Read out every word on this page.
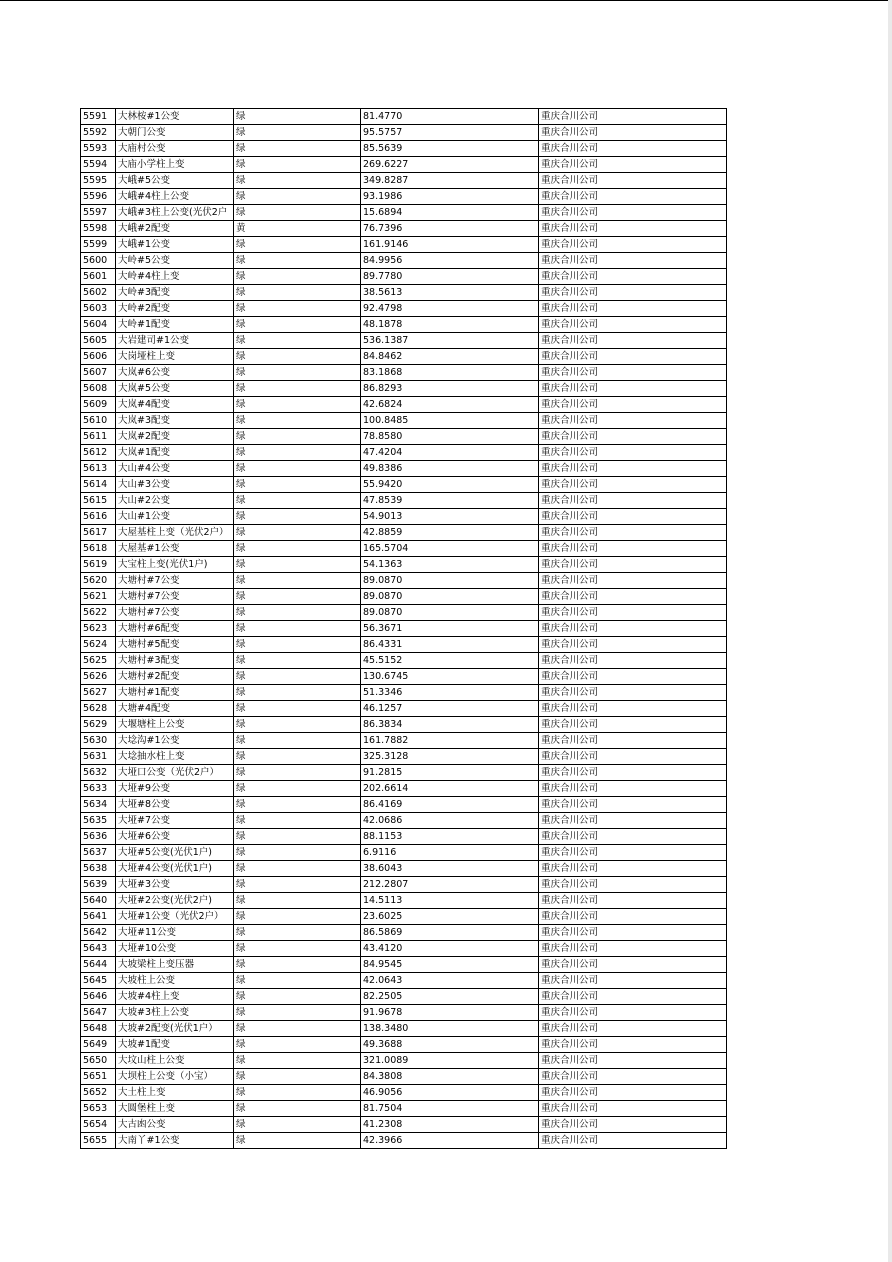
5591	大林桉#1公变	绿	81.4770	重庆合川公司
5592	大朝门公变	绿	95.5757	重庆合川公司
5593	大庙村公变	绿	85.5639	重庆合川公司
5594	大庙小学柱上变	绿	269.6227	重庆合川公司
5595	大峨#5公变	绿	349.8287	重庆合川公司
5596	大峨#4柱上公变	绿	93.1986	重庆合川公司
5597	大峨#3柱上公变(光伏2户	绿	15.6894	重庆合川公司
5598	大峨#2配变	黄	76.7396	重庆合川公司
5599	大峨#1公变	绿	161.9146	重庆合川公司
5600	大岭#5公变	绿	84.9956	重庆合川公司
5601	大岭#4柱上变	绿	89.7780	重庆合川公司
5602	大岭#3配变	绿	38.5613	重庆合川公司
5603	大岭#2配变	绿	92.4798	重庆合川公司
5604	大岭#1配变	绿	48.1878	重庆合川公司
5605	大岩建司#1公变	绿	536.1387	重庆合川公司
5606	大岗垭柱上变	绿	84.8462	重庆合川公司
5607	大岚#6公变	绿	83.1868	重庆合川公司
5608	大岚#5公变	绿	86.8293	重庆合川公司
5609	大岚#4配变	绿	42.6824	重庆合川公司
5610	大岚#3配变	绿	100.8485	重庆合川公司
5611	大岚#2配变	绿	78.8580	重庆合川公司
5612	大岚#1配变	绿	47.4204	重庆合川公司
5613	大山#4公变	绿	49.8386	重庆合川公司
5614	大山#3公变	绿	55.9420	重庆合川公司
5615	大山#2公变	绿	47.8539	重庆合川公司
5616	大山#1公变	绿	54.9013	重庆合川公司
5617	大屋基柱上变（光伏2户）	绿	42.8859	重庆合川公司
5618	大屋基#1公变	绿	165.5704	重庆合川公司
5619	大宝柱上变(光伏1户)	绿	54.1363	重庆合川公司
5620	大塘村#7公变	绿	89.0870	重庆合川公司
5621	大塘村#7公变	绿	89.0870	重庆合川公司
5622	大塘村#7公变	绿	89.0870	重庆合川公司
5623	大塘村#6配变	绿	56.3671	重庆合川公司
5624	大塘村#5配变	绿	86.4331	重庆合川公司
5625	大塘村#3配变	绿	45.5152	重庆合川公司
5626	大塘村#2配变	绿	130.6745	重庆合川公司
5627	大塘村#1配变	绿	51.3346	重庆合川公司
5628	大塘#4配变	绿	46.1257	重庆合川公司
5629	大堰塘柱上公变	绿	86.3834	重庆合川公司
5630	大埝沟#1公变	绿	161.7882	重庆合川公司
5631	大埝抽水柱上变	绿	325.3128	重庆合川公司
5632	大垭口公变（光伏2户）	绿	91.2815	重庆合川公司
5633	大垭#9公变	绿	202.6614	重庆合川公司
5634	大垭#8公变	绿	86.4169	重庆合川公司
5635	大垭#7公变	绿	42.0686	重庆合川公司
5636	大垭#6公变	绿	88.1153	重庆合川公司
5637	大垭#5公变(光伏1户)	绿	6.9116	重庆合川公司
5638	大垭#4公变(光伏1户)	绿	38.6043	重庆合川公司
5639	大垭#3公变	绿	212.2807	重庆合川公司
5640	大垭#2公变(光伏2户)	绿	14.5113	重庆合川公司
5641	大垭#1公变（光伏2户）	绿	23.6025	重庆合川公司
5642	大垭#11公变	绿	86.5869	重庆合川公司
5643	大垭#10公变	绿	43.4120	重庆合川公司
5644	大坡梁柱上变压器	绿	84.9545	重庆合川公司
5645	大坡柱上公变	绿	42.0643	重庆合川公司
5646	大坡#4柱上变	绿	82.2505	重庆合川公司
5647	大坡#3柱上公变	绿	91.9678	重庆合川公司
5648	大坡#2配变(光伏1户）	绿	138.3480	重庆合川公司
5649	大坡#1配变	绿	49.3688	重庆合川公司
5650	大坟山柱上公变	绿	321.0089	重庆合川公司
5651	大坝柱上公变（小宝）	绿	84.3808	重庆合川公司
5652	大土柱上变	绿	46.9056	重庆合川公司
5653	大圆堡柱上变	绿	81.7504	重庆合川公司
5654	大古凼公变	绿	41.2308	重庆合川公司
5655	大南丫#1公变	绿	42.3966	重庆合川公司
